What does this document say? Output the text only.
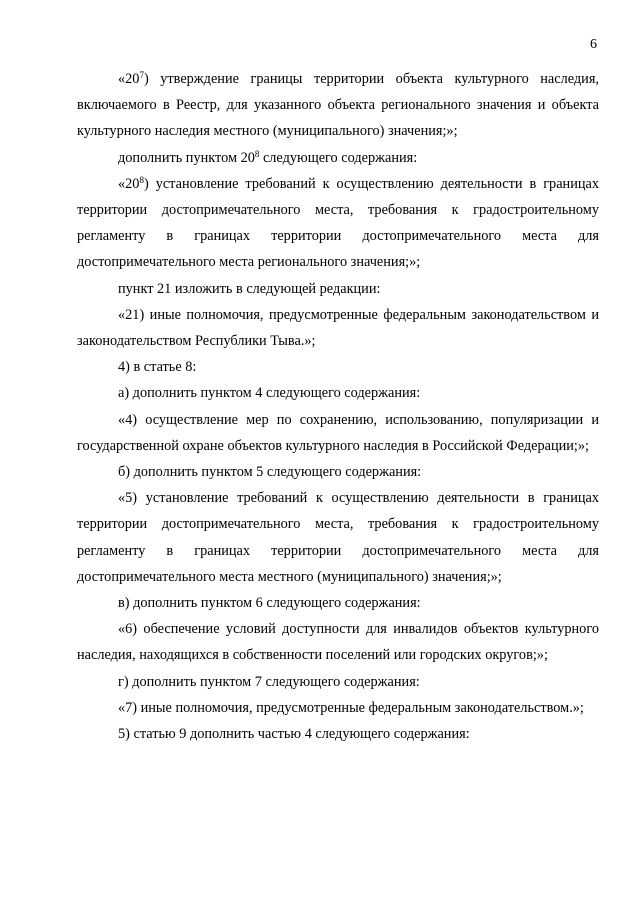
6

«$20^7$) утверждение границы территории объекта культурного наследия, включаемого в Реестр, для указанного объекта регионального значения и объекта культурного наследия местного (муниципального) значения;»;

дополнить пунктом $20^8$ следующего содержания:

«$20^8$) установление требований к осуществлению деятельности в границах территории достопримечательного места, требования к градостроительному регламенту в границах территории достопримечательного места для достопримечательного места регионального значения;»;

пункт 21 изложить в следующей редакции:

«21) иные полномочия, предусмотренные федеральным законодательством и законодательством Республики Тыва.»;

4) в статье 8:

а) дополнить пунктом 4 следующего содержания:

«4) осуществление мер по сохранению, использованию, популяризации и государственной охране объектов культурного наследия в Российской Федерации;»;

б) дополнить пунктом 5 следующего содержания:

«5) установление требований к осуществлению деятельности в границах территории достопримечательного места, требования к градостроительному регламенту в границах территории достопримечательного места для достопримечательного места местного (муниципального) значения;»;

в) дополнить пунктом 6 следующего содержания:

«6) обеспечение условий доступности для инвалидов объектов культурного наследия, находящихся в собственности поселений или городских округов;»;

г) дополнить пунктом 7 следующего содержания:

«7) иные полномочия, предусмотренные федеральным законодательством.»;

5) статью 9 дополнить частью 4 следующего содержания:
